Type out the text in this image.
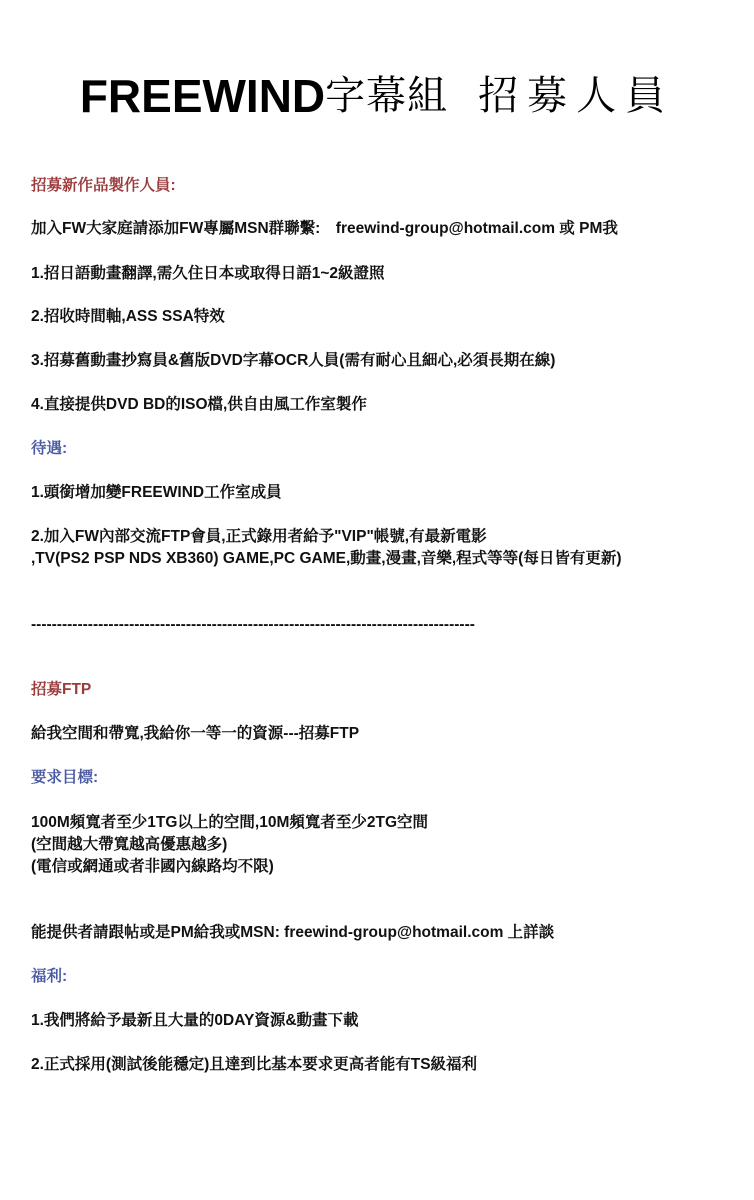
FREEWIND字幕組 招募人員
招募新作品製作人員:
加入FW大家庭請添加FW專屬MSN群聯繫:　freewind-group@hotmail.com 或 PM我
1.招日語動畫翻譯,需久住日本或取得日語1~2級證照
2.招收時間軸,ASS SSA特效
3.招募舊動畫抄寫員&舊版DVD字幕OCR人員(需有耐心且細心,必須長期在線)
4.直接提供DVD BD的ISO檔,供自由風工作室製作
待遇:
1.頭銜增加變FREEWIND工作室成員
2.加入FW內部交流FTP會員,正式錄用者給予"VIP"帳號,有最新電影
,TV(PS2 PSP NDS XB360) GAME,PC GAME,動畫,漫畫,音樂,程式等等(每日皆有更新)
--------------------------------------------------------------------------------------
招募FTP
給我空間和帶寬,我給你一等一的資源---招募FTP
要求目標:
100M頻寬者至少1TG以上的空間,10M頻寬者至少2TG空間
(空間越大帶寬越高優惠越多)
(電信或網通或者非國內線路均不限)
能提供者請跟帖或是PM給我或MSN: freewind-group@hotmail.com 上詳談
福利:
1.我們將給予最新且大量的0DAY資源&動畫下載
2.正式採用(測試後能穩定)且達到比基本要求更高者能有TS級福利
